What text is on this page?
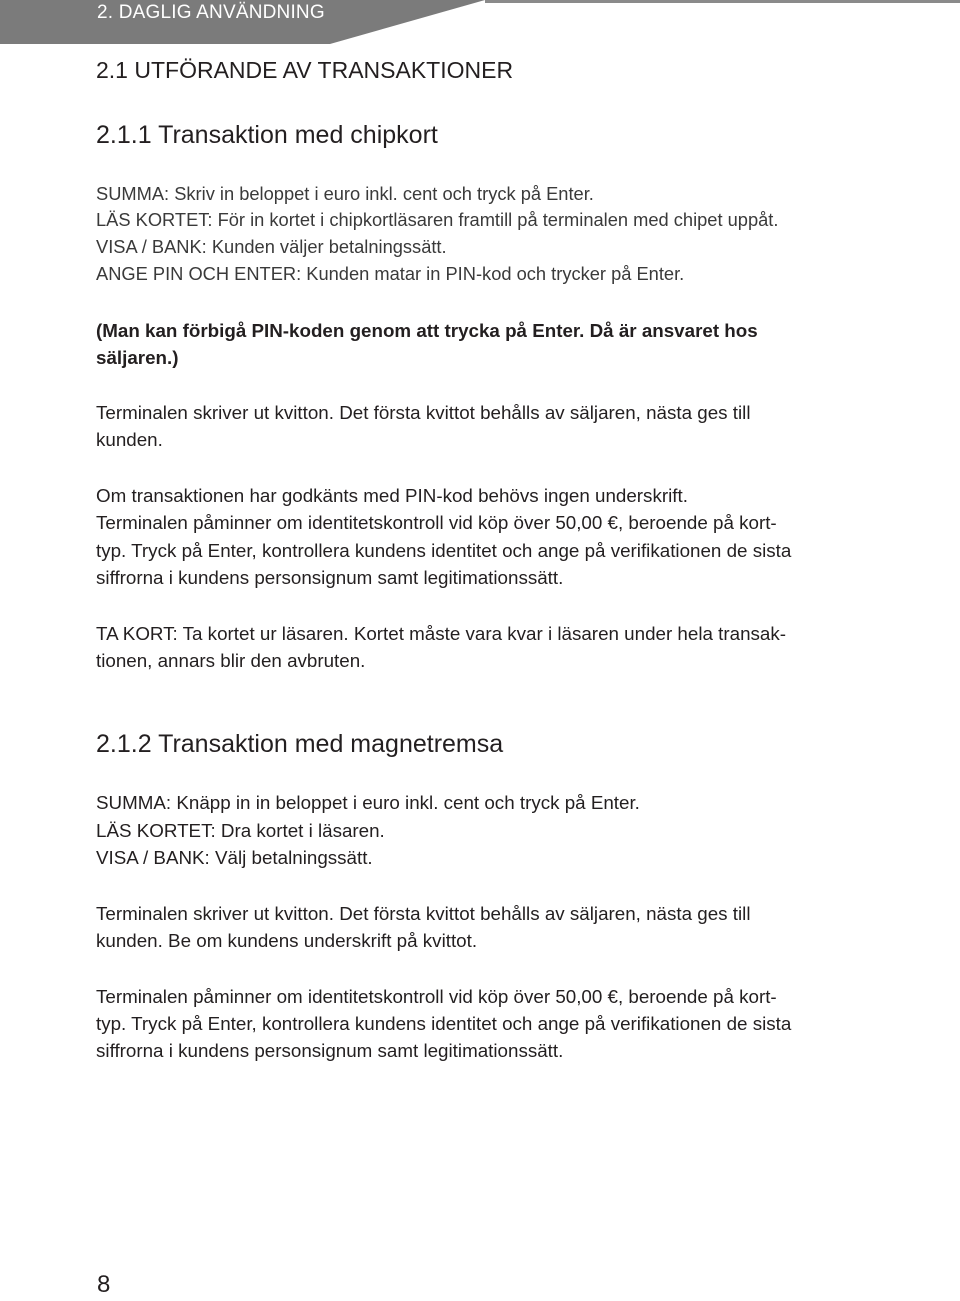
2. DAGLIG ANVÄNDNING

2.1 UTFÖRANDE AV TRANSAKTIONER
2.1.1 Transaktion med chipkort

SUMMA: Skriv in beloppet i euro inkl. cent och tryck på Enter.

LÄS KORTET: För in kortet i chipkortläsaren framtill på terminalen med chipet uppåt.

VISA / BANK: Kunden väljer betalningssätt.

ANGE PIN OCH ENTER: Kunden matar in PIN-kod och trycker på Enter.

(Man kan förbigå PIN-koden genom att trycka på Enter. Då är ansvaret hos

säljaren.)

Terminalen skriver ut kvitton. Det första kvittot behålls av säljaren, nästa ges till

kunden.

Om transaktionen har godkänts med PIN-kod behövs ingen underskrift.

Terminalen påminner om identitetskontroll vid köp över 50,00 €, beroende på kort-

typ. Tryck på Enter, kontrollera kundens identitet och ange på verifikationen de sista

siffrorna i kundens personsignum samt legitimationssätt.

TA KORT: Ta kortet ur läsaren. Kortet måste vara kvar i läsaren under hela transak-

tionen, annars blir den avbruten.

2.1.2 Transaktion med magnetremsa

SUMMA: Knäpp in in beloppet i euro inkl. cent och tryck på Enter.

LÄS KORTET: Dra kortet i läsaren.

VISA / BANK: Välj betalningssätt.

Terminalen skriver ut kvitton. Det första kvittot behålls av säljaren, nästa ges till

kunden. Be om kundens underskrift på kvittot.

Terminalen påminner om identitetskontroll vid köp över 50,00 €, beroende på kort-

typ. Tryck på Enter, kontrollera kundens identitet och ange på verifikationen de sista

siffrorna i kundens personsignum samt legitimationssätt.

8
